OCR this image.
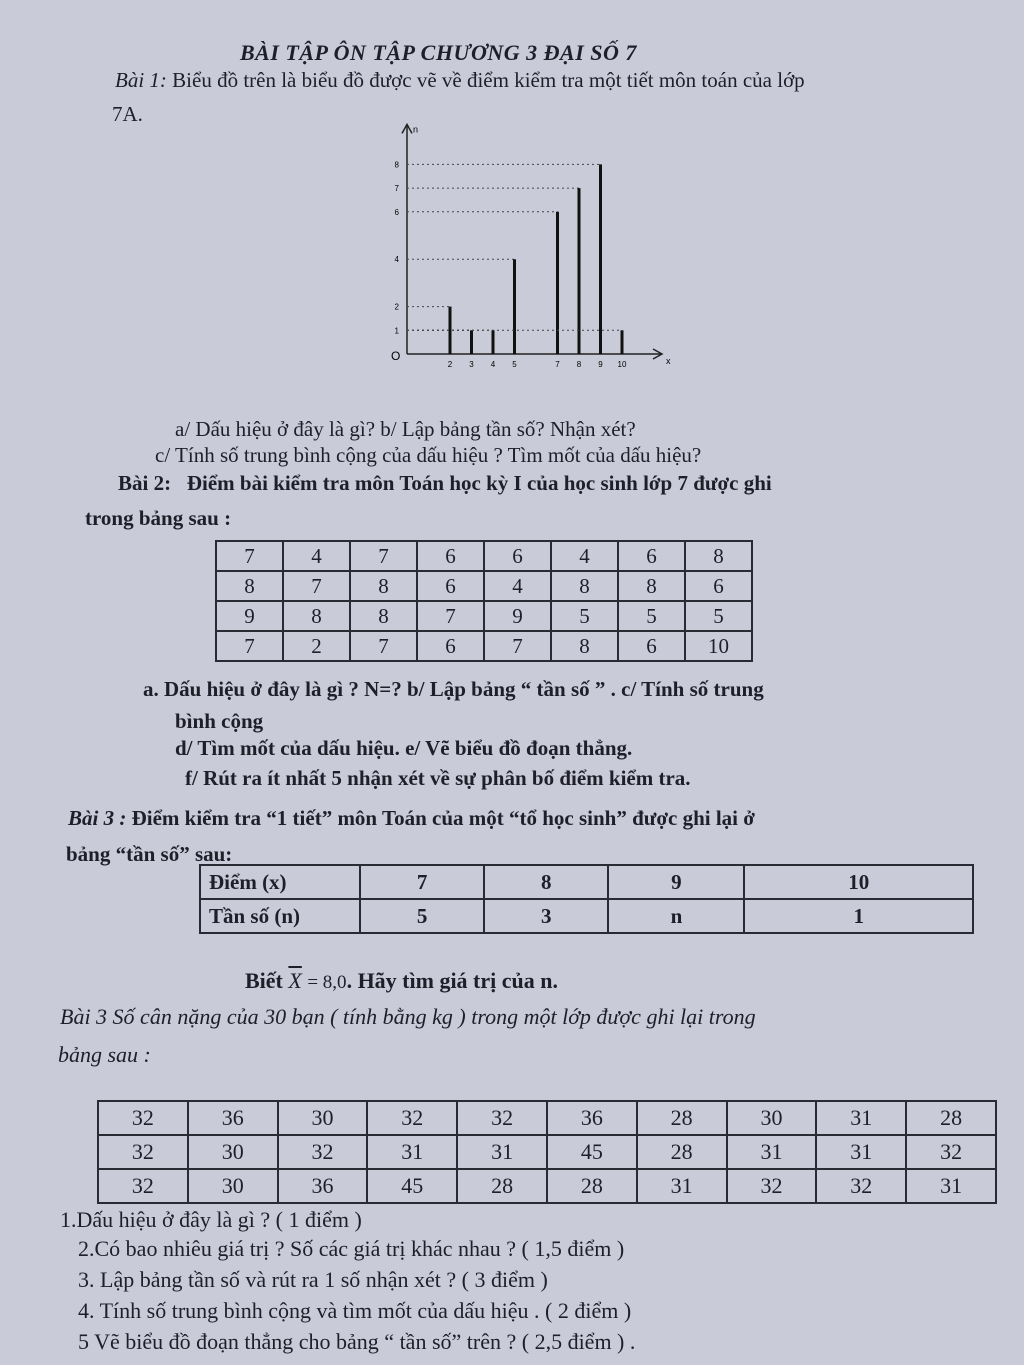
BÀI TẬP ÔN TẬP CHƯƠNG 3 ĐẠI SỐ 7
Bài 1: Biểu đồ trên là biểu đồ được vẽ về điểm kiểm tra một tiết môn toán của lớp
7A.
O	x
n
2 3 4 5	7 8 9 10
1
2
4
6
7
8
a/ Dấu hiệu ở đây là gì? b/ Lập bảng tần số? Nhận xét?
c/ Tính số trung bình cộng của dấu hiệu ? Tìm mốt của dấu hiệu?
Bài 2: Điểm bài kiểm tra môn Toán học kỳ I của học sinh lớp 7 được ghi
trong bảng sau :
7	4	7	6	6	4	6	8
8	7	8	6	4	8	8	6
9	8	8	7	9	5	5	5
7	2	7	6	7	8	6	10
a. Dấu hiệu ở đây là gì ? N=? b/ Lập bảng “ tần số ” . c/ Tính số trung
bình cộng
d/ Tìm mốt của dấu hiệu. e/ Vẽ biểu đồ đoạn thẳng.
f/ Rút ra ít nhất 5 nhận xét về sự phân bố điểm kiểm tra.
Bài 3 : Điểm kiểm tra “1 tiết” môn Toán của một “tổ học sinh” được ghi lại ở
bảng “tần số” sau:
Điểm (x)	7	8	9	10
Tần số (n)	5	3	n	1
Biết $\overline{X} = 8,0$. Hãy tìm giá trị của n.
Bài 3 Số cân nặng của 30 bạn ( tính bằng kg ) trong một lớp được ghi lại trong
bảng sau :
32	36	30	32	32	36	28	30	31	28
32	30	32	31	31	45	28	31	31	32
32	30	36	45	28	28	31	32	32	31
1.Dấu hiệu ở đây là gì ? ( 1 điểm )
2.Có bao nhiêu giá trị ? Số các giá trị khác nhau ? ( 1,5 điểm )
3. Lập bảng tần số và rút ra 1 số nhận xét ? ( 3 điểm )
4. Tính số trung bình cộng và tìm mốt của dấu hiệu . ( 2 điểm )
5 Vẽ biểu đồ đoạn thẳng cho bảng “ tần số” trên ? ( 2,5 điểm ) .
